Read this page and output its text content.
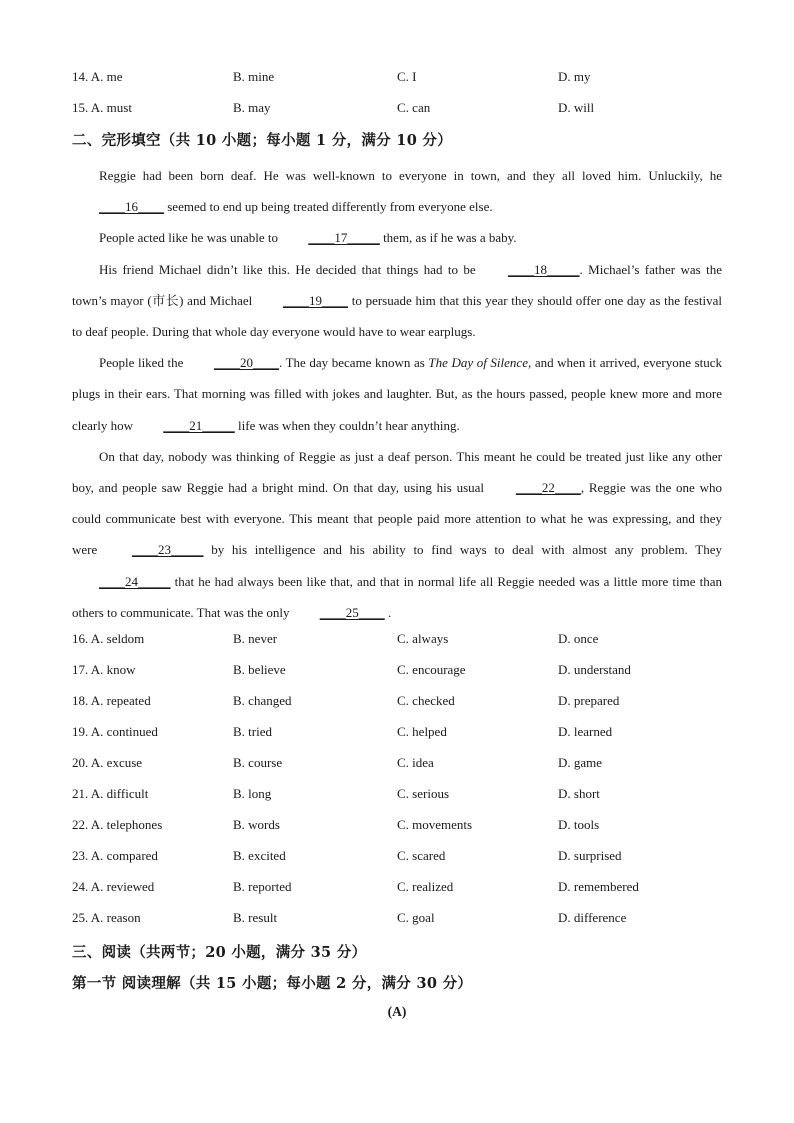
14. A. me	B. mine	C. I	D. my
15. A. must	B. may	C. can	D. will
二、完形填空（共 10 小题；每小题 1 分，满分 10 分）

Reggie had been born deaf. He was well-known to everyone in town, and they all loved him. Unluckily, he ____16____ seemed to end up being treated differently from everyone else.

People acted like he was unable to ____17_____ them, as if he was a baby.

His friend Michael didn’t like this. He decided that things had to be ____18_____. Michael’s father was the town’s mayor (市长) and Michael ____19____ to persuade him that this year they should offer one day as the festival to deaf people. During that whole day everyone would have to wear earplugs.

People liked the ____20____. The day became known as The Day of Silence, and when it arrived, everyone stuck plugs in their ears. That morning was filled with jokes and laughter. But, as the hours passed, people knew more and more clearly how ____21_____ life was when they couldn’t hear anything.

On that day, nobody was thinking of Reggie as just a deaf person. This meant he could be treated just like any other boy, and people saw Reggie had a bright mind. On that day, using his usual ____22____, Reggie was the one who could communicate best with everyone. This meant that people paid more attention to what he was expressing, and they were ____23_____ by his intelligence and his ability to find ways to deal with almost any problem. They ____24_____ that he had always been like that, and that in normal life all Reggie needed was a little more time than others to communicate. That was the only ____25____ .

16. A. seldom	B. never	C. always	D. once
17. A. know	B. believe	C. encourage	D. understand
18. A. repeated	B. changed	C. checked	D. prepared
19. A. continued	B. tried	C. helped	D. learned
20. A. excuse	B. course	C. idea	D. game
21. A. difficult	B. long	C. serious	D. short
22. A. telephones	B. words	C. movements	D. tools
23. A. compared	B. excited	C. scared	D. surprised
24. A. reviewed	B. reported	C. realized	D. remembered
25. A. reason	B. result	C. goal	D. difference
三、阅读（共两节；20 小题，满分 35 分）
第一节 阅读理解（共 15 小题；每小题 2 分，满分 30 分）
(A)
